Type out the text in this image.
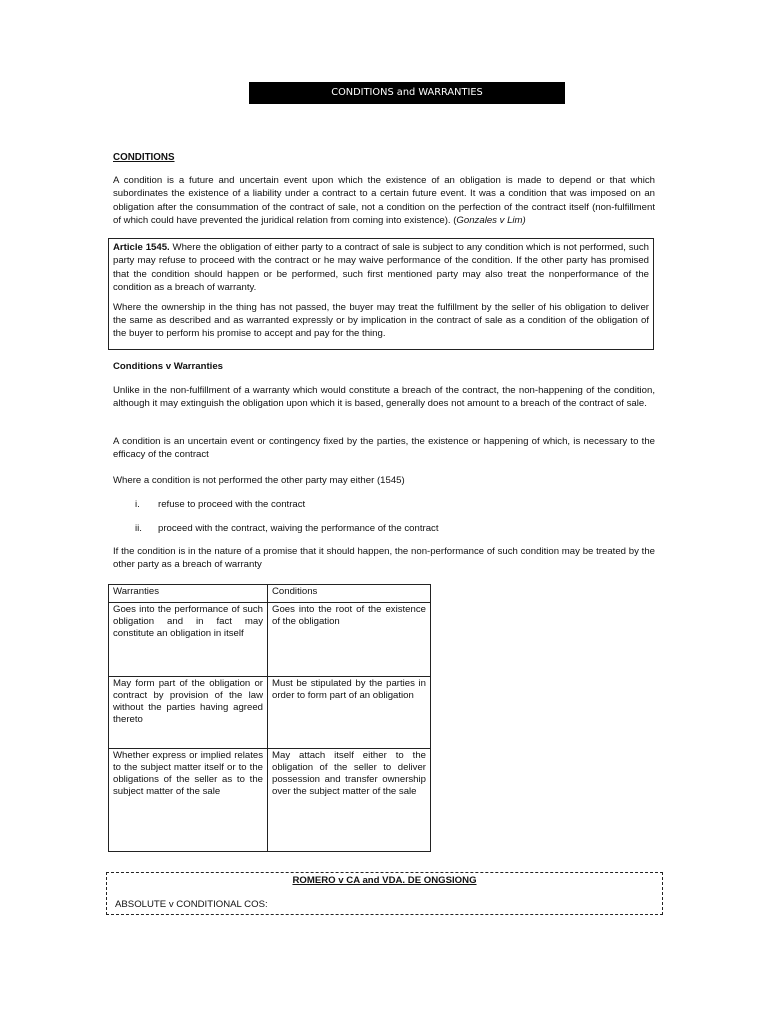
CONDITIONS and WARRANTIES
CONDITIONS

A condition is a future and uncertain event upon which the existence of an obligation is made to depend or that which subordinates the existence of a liability under a contract to a certain future event. It was a condition that was imposed on an obligation after the consummation of the contract of sale, not a condition on the perfection of the contract itself (non-fulfillment of which could have prevented the juridical relation from coming into existence). (Gonzales v Lim)

Article 1545. Where the obligation of either party to a contract of sale is subject to any condition which is not performed, such party may refuse to proceed with the contract or he may waive performance of the condition. If the other party has promised that the condition should happen or be performed, such first mentioned party may also treat the nonperformance of the condition as a breach of warranty.

Where the ownership in the thing has not passed, the buyer may treat the fulfillment by the seller of his obligation to deliver the same as described and as warranted expressly or by implication in the contract of sale as a condition of the obligation of the buyer to perform his promise to accept and pay for the thing.

Conditions v Warranties

Unlike in the non-fulfillment of a warranty which would constitute a breach of the contract, the non-happening of the condition, although it may extinguish the obligation upon which it is based, generally does not amount to a breach of the contract of sale.

A condition is an uncertain event or contingency fixed by the parties, the existence or happening of which, is necessary to the efficacy of the contract

Where a condition is not performed the other party may either (1545)

i. refuse to proceed with the contract
ii. proceed with the contract, waiving the performance of the contract

If the condition is in the nature of a promise that it should happen, the non-performance of such condition may be treated by the other party as a breach of warranty

Warranties	Conditions
Goes into the performance of such obligation and in fact may constitute an obligation in itself	Goes into the root of the existence of the obligation
May form part of the obligation or contract by provision of the law without the parties having agreed thereto	Must be stipulated by the parties in order to form part of an obligation
Whether express or implied relates to the subject matter itself or to the obligations of the seller as to the subject matter of the sale	May attach itself either to the obligation of the seller to deliver possession and transfer ownership over the subject matter of the sale
ROMERO v CA and VDA. DE ONGSIONG
ABSOLUTE v CONDITIONAL COS:
